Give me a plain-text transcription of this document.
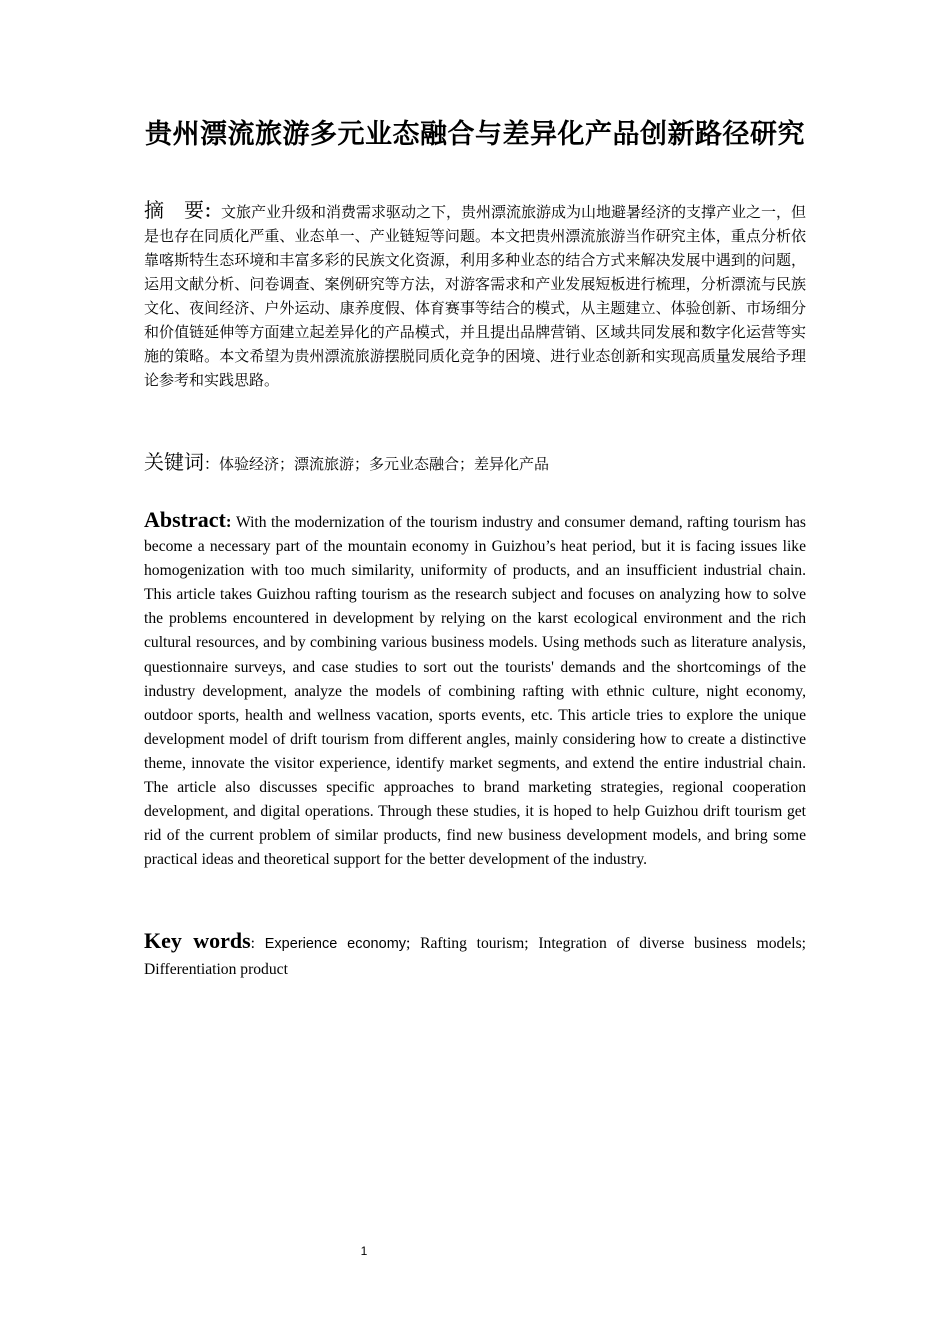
贵州漂流旅游多元业态融合与差异化产品创新路径研究

摘　要：文旅产业升级和消费需求驱动之下，贵州漂流旅游成为山地避暑经济的支撑产业之一，但是也存在同质化严重、业态单一、产业链短等问题。本文把贵州漂流旅游当作研究主体，重点分析依靠喀斯特生态环境和丰富多彩的民族文化资源，利用多种业态的结合方式来解决发展中遇到的问题，运用文献分析、问卷调查、案例研究等方法，对游客需求和产业发展短板进行梳理，分析漂流与民族文化、夜间经济、户外运动、康养度假、体育赛事等结合的模式，从主题建立、体验创新、市场细分和价值链延伸等方面建立起差异化的产品模式，并且提出品牌营销、区域共同发展和数字化运营等实施的策略。本文希望为贵州漂流旅游摆脱同质化竞争的困境、进行业态创新和实现高质量发展给予理论参考和实践思路。

关键词：体验经济；漂流旅游；多元业态融合；差异化产品

Abstract: With the modernization of the tourism industry and consumer demand, rafting tourism has become a necessary part of the mountain economy in Guizhou’s heat period, but it is facing issues like homogenization with too much similarity, uniformity of products, and an insufficient industrial chain. This article takes Guizhou rafting tourism as the research subject and focuses on analyzing how to solve the problems encountered in development by relying on the karst ecological environment and the rich cultural resources, and by combining various business models. Using methods such as literature analysis, questionnaire surveys, and case studies to sort out the tourists' demands and the shortcomings of the industry development, analyze the models of combining rafting with ethnic culture, night economy, outdoor sports, health and wellness vacation, sports events, etc. This article tries to explore the unique development model of drift tourism from different angles, mainly considering how to create a distinctive theme, innovate the visitor experience, identify market segments, and extend the entire industrial chain. The article also discusses specific approaches to brand marketing strategies, regional cooperation development, and digital operations. Through these studies, it is hoped to help Guizhou drift tourism get rid of the current problem of similar products, find new business development models, and bring some practical ideas and theoretical support for the better development of the industry.

Key words: Experience economy; Rafting tourism; Integration of diverse business models; Differentiation product

1
